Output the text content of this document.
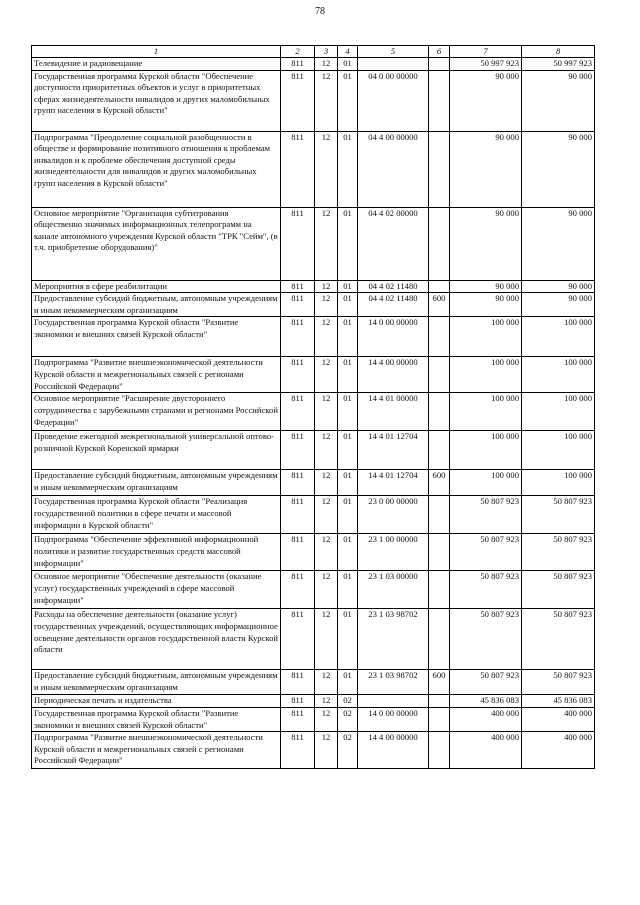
78
1	2	3	4	5	6	7	8
Телевидение и радиовещание	811	12	01			50 997 923	50 997 923
Государственная программа Курской области "Обеспечение доступности приоритетных объектов и услуг в приоритетных сферах жизнедеятельности инвалидов и других маломобильных групп населения в Курской области"	811	12	01	04 0 00 00000		90 000	90 000
Подпрограмма "Преодоление социальной разобщенности в обществе и формирование позитивного отношения к проблемам инвалидов и к проблеме обеспечения доступной среды жизнедеятельности для инвалидов и других маломобильных групп населения в Курской области"	811	12	01	04 4 00 00000		90 000	90 000
Основное мероприятие "Организация субтитрования общественно значимых информационных телепрограмм на канале автономного учреждения Курской области "ТРК "Сейм", (в т.ч. приобретение оборудования)"	811	12	01	04 4 02 00000		90 000	90 000
Мероприятия в сфере реабилитации	811	12	01	04 4 02 11480		90 000	90 000
Предоставление субсидий бюджетным, автономным учреждениям и иным некоммерческим организациям	811	12	01	04 4 02 11480	600	90 000	90 000
Государственная программа Курской области "Развитие экономики и внешних связей Курской области"	811	12	01	14 0 00 00000		100 000	100 000
Подпрограмма "Развитие внешнеэкономической деятельности Курской области и межрегиональных связей с регионами Российской Федерации"	811	12	01	14 4 00 00000		100 000	100 000
Основное мероприятие "Расширение двустороннего сотрудничества с зарубежными странами и регионами Российской Федерации"	811	12	01	14 4 01 00000		100 000	100 000
Проведение ежегодной межрегиональной универсальной оптово-розничной Курской Коренской ярмарки	811	12	01	14 4 01 12704		100 000	100 000
Предоставление субсидий бюджетным, автономным учреждениям и иным некоммерческим организациям	811	12	01	14 4 01 12704	600	100 000	100 000
Государственная программа Курской области "Реализация государственной политики в сфере печати и массовой информации в Курской области"	811	12	01	23 0 00 00000		50 807 923	50 807 923
Подпрограмма "Обеспечение эффективной информационной политики и развитие государственных средств массовой информации"	811	12	01	23 1 00 00000		50 807 923	50 807 923
Основное мероприятие "Обеспечение деятельности (оказание услуг) государственных учреждений в сфере массовой информации"	811	12	01	23 1 03 00000		50 807 923	50 807 923
Расходы на обеспечение деятельности (оказание услуг) государственных учреждений, осуществляющих информационное освещение деятельности органов государственной власти Курской области	811	12	01	23 1 03 98702		50 807 923	50 807 923
Предоставление субсидий бюджетным, автономным учреждениям и иным некоммерческим организациям	811	12	01	23 1 03 98702	600	50 807 923	50 807 923
Периодическая печать и издательства	811	12	02			45 836 083	45 836 083
Государственная программа Курской области "Развитие экономики и внешних связей Курской области"	811	12	02	14 0 00 00000		400 000	400 000
Подпрограмма "Развитие внешнеэкономической деятельности Курской области и межрегиональных связей с регионами Российской Федерации"	811	12	02	14 4 00 00000		400 000	400 000
